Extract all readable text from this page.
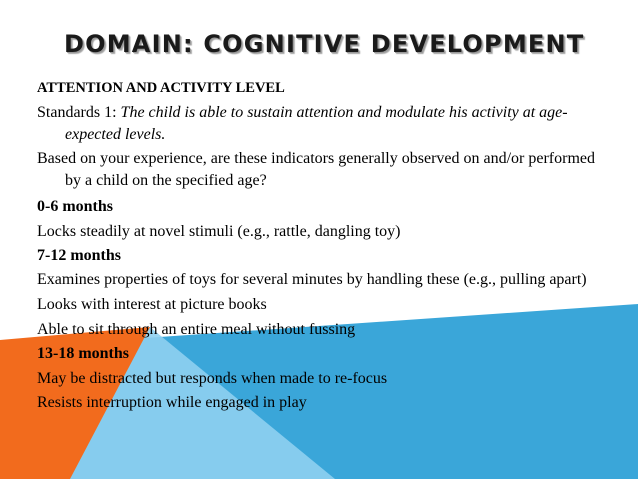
DOMAIN: COGNITIVE DEVELOPMENT
ATTENTION AND ACTIVITY LEVEL
Standards 1: The child is able to sustain attention and modulate his activity at age-expected levels.
Based on your experience, are these indicators generally observed on and/or performed by a child on the specified age?
0-6 months
Locks steadily at novel stimuli (e.g., rattle, dangling toy)
7-12 months
Examines properties of toys for several minutes by handling these (e.g., pulling apart)
Looks with interest at picture books
Able to sit through an entire meal without fussing
13-18 months
May be distracted but responds when made to re-focus
Resists interruption while engaged in play
